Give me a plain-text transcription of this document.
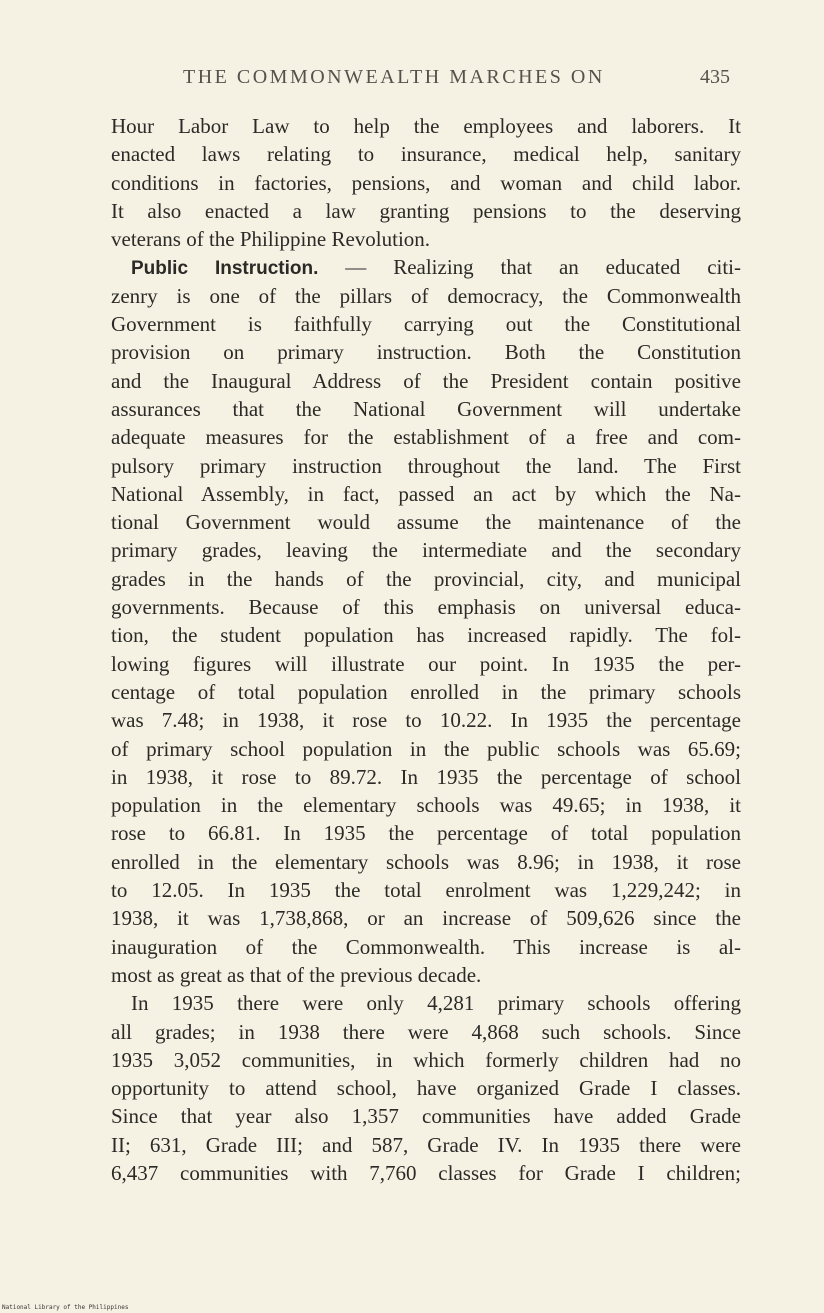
THE COMMONWEALTH MARCHES ON	435
Hour Labor Law to help the employees and laborers. It
enacted laws relating to insurance, medical help, sanitary
conditions in factories, pensions, and woman and child labor.
It also enacted a law granting pensions to the deserving
veterans of the Philippine Revolution.
Public Instruction. — Realizing that an educated citi-
zenry is one of the pillars of democracy, the Commonwealth
Government is faithfully carrying out the Constitutional
provision on primary instruction. Both the Constitution
and the Inaugural Address of the President contain positive
assurances that the National Government will undertake
adequate measures for the establishment of a free and com-
pulsory primary instruction throughout the land. The First
National Assembly, in fact, passed an act by which the Na-
tional Government would assume the maintenance of the
primary grades, leaving the intermediate and the secondary
grades in the hands of the provincial, city, and municipal
governments. Because of this emphasis on universal educa-
tion, the student population has increased rapidly. The fol-
lowing figures will illustrate our point. In 1935 the per-
centage of total population enrolled in the primary schools
was 7.48; in 1938, it rose to 10.22. In 1935 the percentage
of primary school population in the public schools was 65.69;
in 1938, it rose to 89.72. In 1935 the percentage of school
population in the elementary schools was 49.65; in 1938, it
rose to 66.81. In 1935 the percentage of total population
enrolled in the elementary schools was 8.96; in 1938, it rose
to 12.05. In 1935 the total enrolment was 1,229,242; in
1938, it was 1,738,868, or an increase of 509,626 since the
inauguration of the Commonwealth. This increase is al-
most as great as that of the previous decade.
In 1935 there were only 4,281 primary schools offering
all grades; in 1938 there were 4,868 such schools. Since
1935 3,052 communities, in which formerly children had no
opportunity to attend school, have organized Grade I classes.
Since that year also 1,357 communities have added Grade
II; 631, Grade III; and 587, Grade IV. In 1935 there were
6,437 communities with 7,760 classes for Grade I children;
National Library of the Philippines
